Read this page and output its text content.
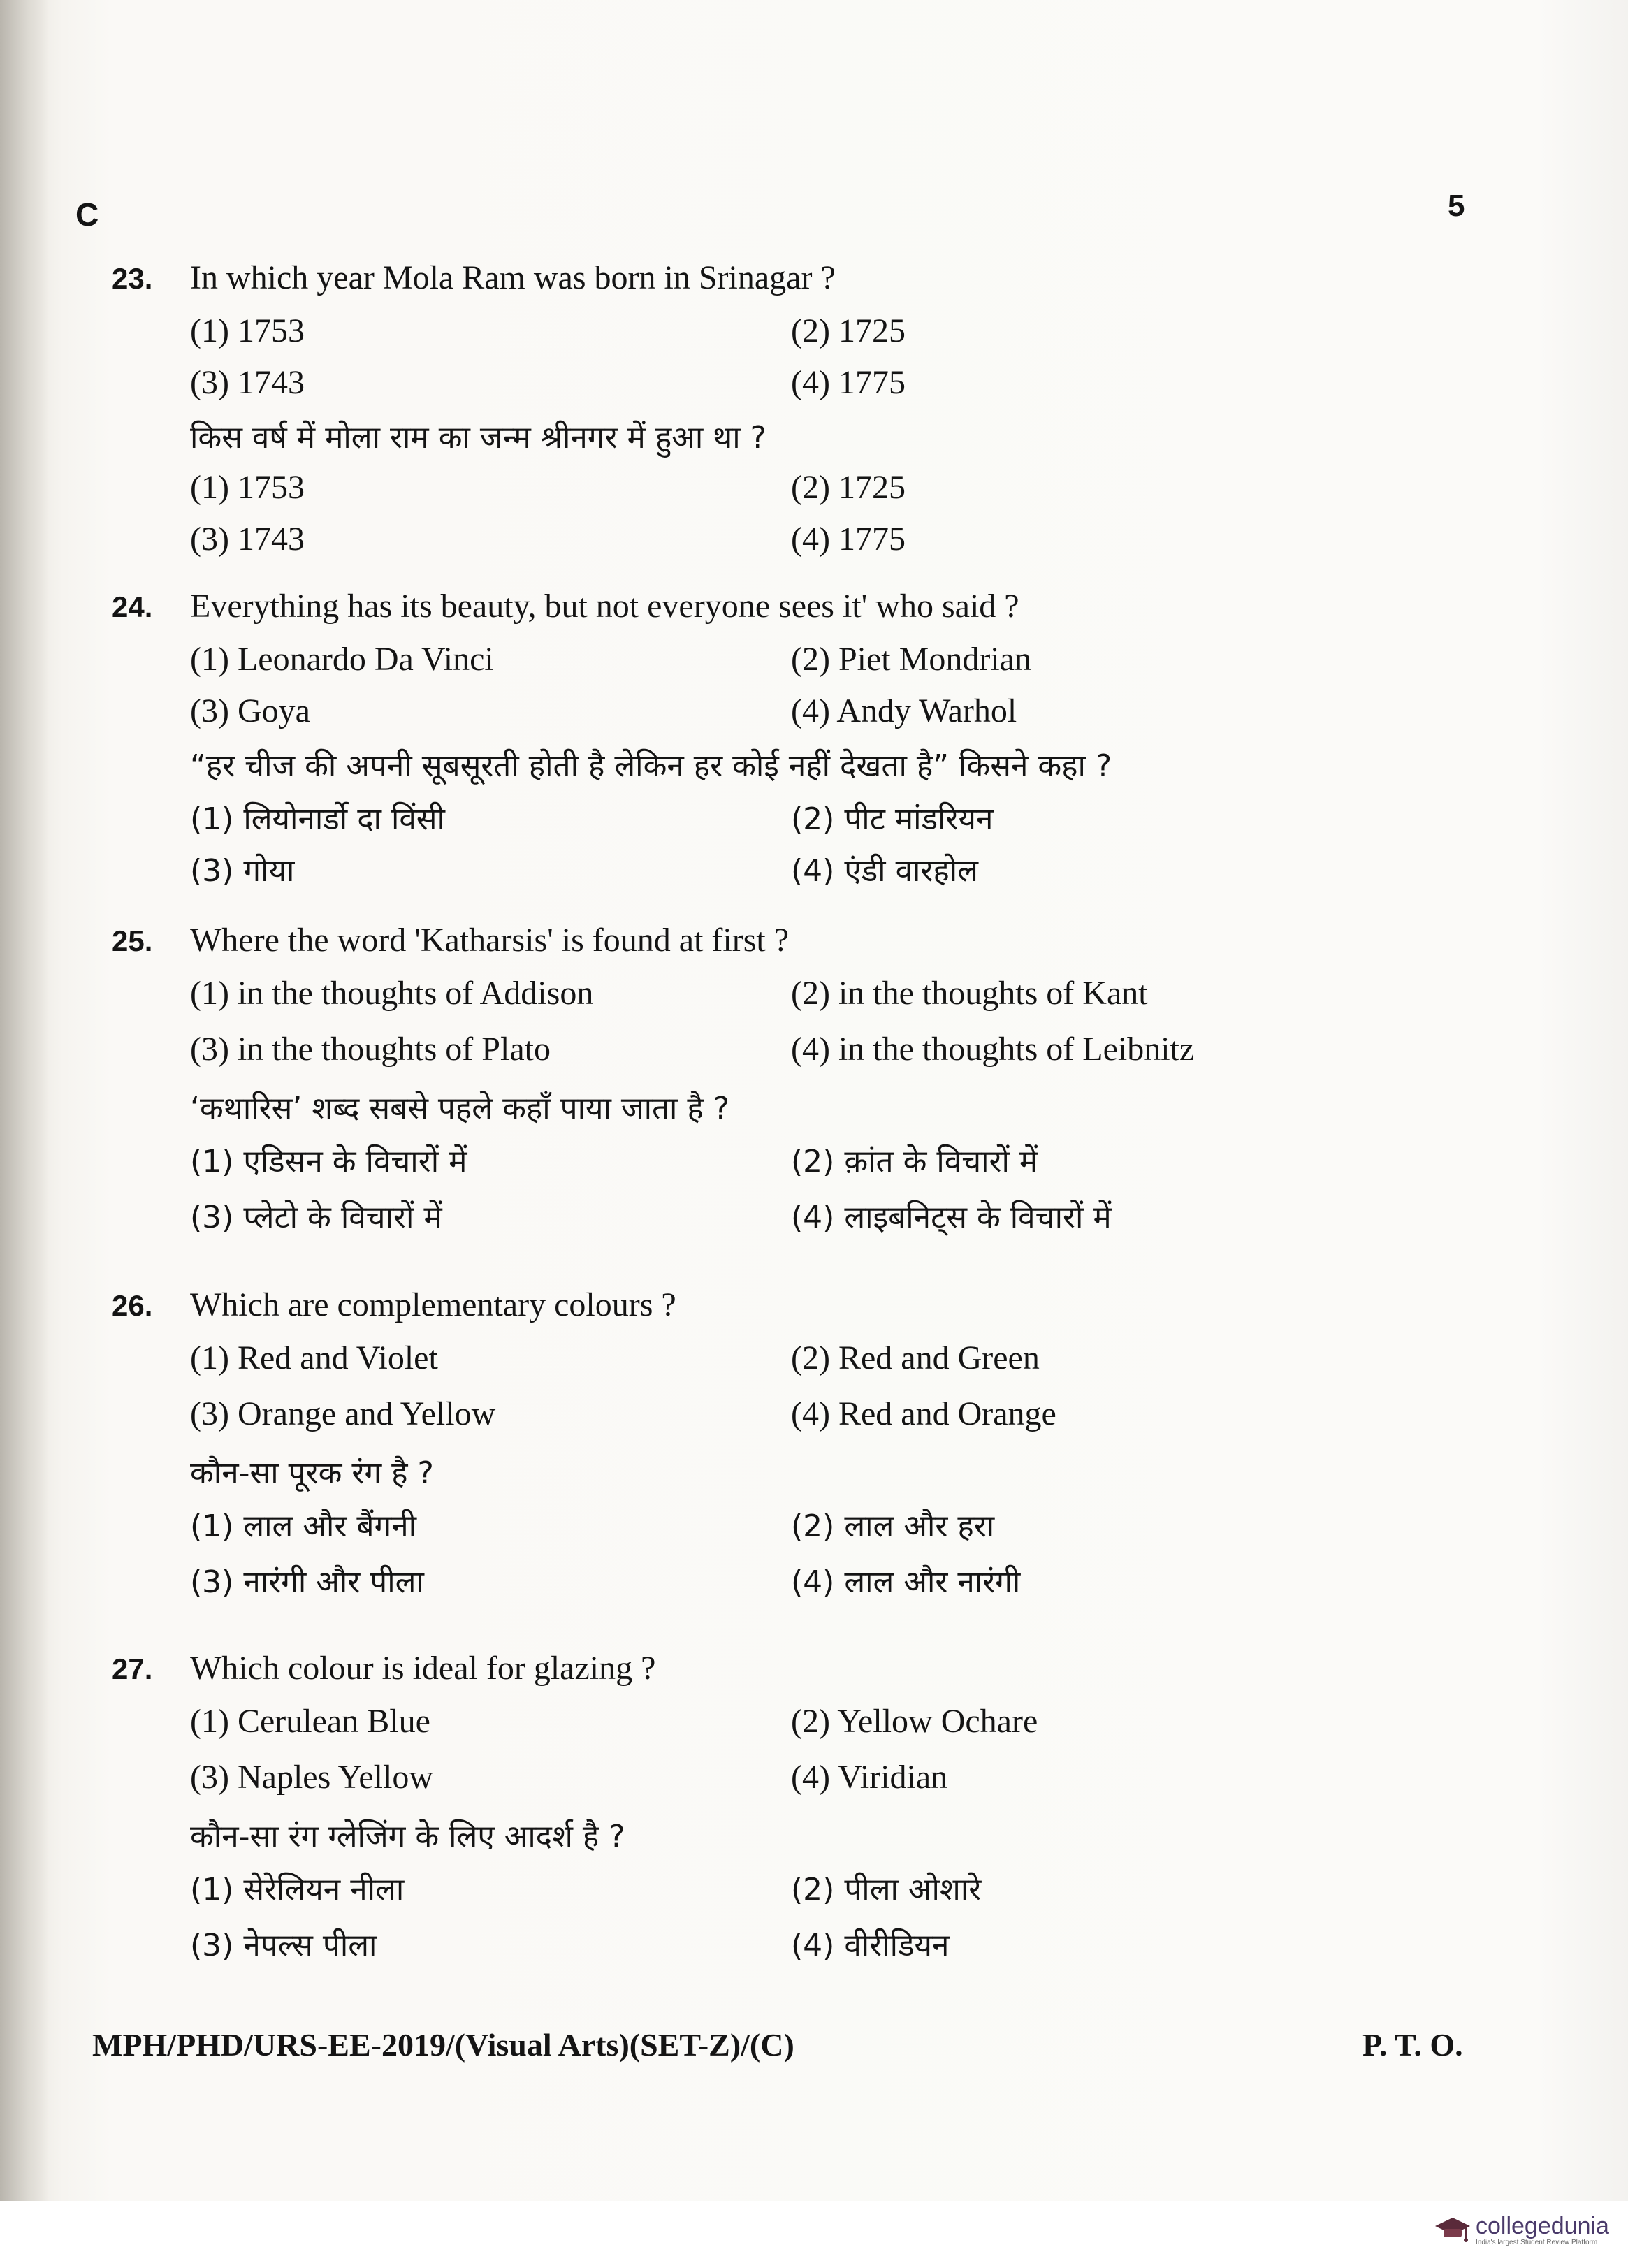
C	5
23.	In which year Mola Ram was born in Srinagar ?
(1) 1753	(2) 1725
(3) 1743	(4) 1775
किस वर्ष में मोला राम का जन्म श्रीनगर में हुआ था ?
(1) 1753	(2) 1725
(3) 1743	(4) 1775
24.	Everything has its beauty, but not everyone sees it' who said ?
(1) Leonardo Da Vinci	(2) Piet Mondrian
(3) Goya	(4) Andy Warhol
“हर चीज की अपनी सूबसूरती होती है लेकिन हर कोई नहीं देखता है” किसने कहा ?
(1) लियोनार्डो दा विंसी	(2) पीट मांडरियन
(3) गोया	(4) एंडी वारहोल
25.	Where the word 'Katharsis' is found at first ?
(1) in the thoughts of Addison	(2) in the thoughts of Kant
(3) in the thoughts of Plato	(4) in the thoughts of Leibnitz
‘कथारिस’ शब्द सबसे पहले कहाँ पाया जाता है ?
(1) एडिसन के विचारों में	(2) क़ांत के विचारों में
(3) प्लेटो के विचारों में	(4) लाइबनिट्स के विचारों में
26.	Which are complementary colours ?
(1) Red and Violet	(2) Red and Green
(3) Orange and Yellow	(4) Red and Orange
कौन-सा पूरक रंग है ?
(1) लाल और बैंगनी	(2) लाल और हरा
(3) नारंगी और पीला	(4) लाल और नारंगी
27.	Which colour is ideal for glazing ?
(1) Cerulean Blue	(2) Yellow Ochare
(3) Naples Yellow	(4) Viridian
कौन-सा रंग ग्लेजिंग के लिए आदर्श है ?
(1) सेरेलियन नीला	(2) पीला ओशारे
(3) नेपल्स पीला	(4) वीरीडियन
MPH/PHD/URS-EE-2019/(Visual Arts)(SET-Z)/(C)	P. T. O.
collegedunia
India's largest Student Review Platform
